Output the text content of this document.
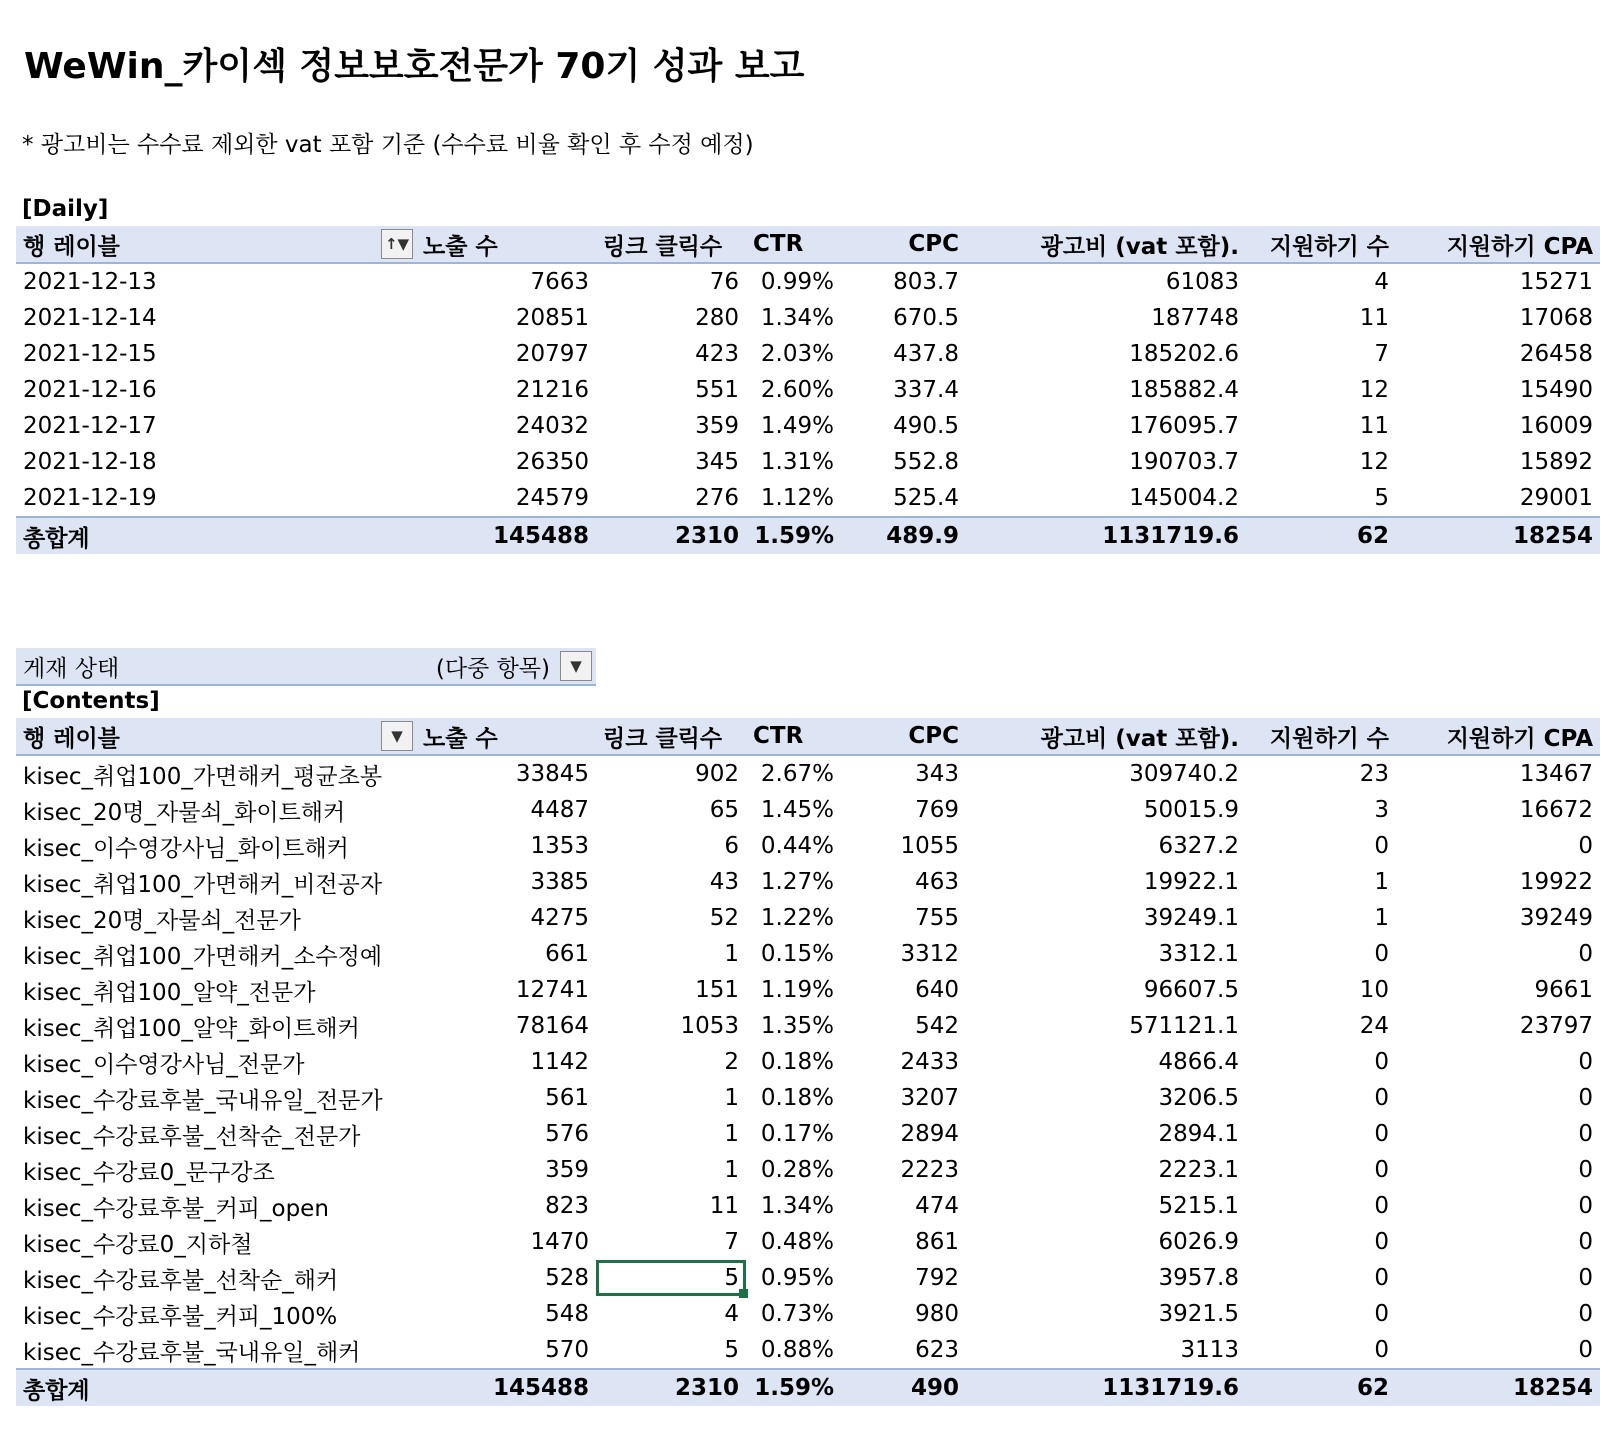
WeWin_카이섹 정보보호전문가 70기 성과 보고
* 광고비는 수수료 제외한 vat 포함 기준 (수수료 비율 확인 후 수정 예정)
[Daily]
행 레이블 ↑▼	노출 수	링크 클릭수	CTR	CPC	광고비 (vat 포함).	지원하기 수	지원하기 CPA
2021-12-13	7663	76	0.99%	803.7	61083	4	15271
2021-12-14	20851	280	1.34%	670.5	187748	11	17068
2021-12-15	20797	423	2.03%	437.8	185202.6	7	26458
2021-12-16	21216	551	2.60%	337.4	185882.4	12	15490
2021-12-17	24032	359	1.49%	490.5	176095.7	11	16009
2021-12-18	26350	345	1.31%	552.8	190703.7	12	15892
2021-12-19	24579	276	1.12%	525.4	145004.2	5	29001
총합계	145488	2310	1.59%	489.9	1131719.6	62	18254
게재 상태	(다중 항목)	▼
[Contents]
행 레이블 ▼	노출 수	링크 클릭수	CTR	CPC	광고비 (vat 포함).	지원하기 수	지원하기 CPA
kisec_취업100_가면해커_평균초봉	33845	902	2.67%	343	309740.2	23	13467
kisec_20명_자물쇠_화이트해커	4487	65	1.45%	769	50015.9	3	16672
kisec_이수영강사님_화이트해커	1353	6	0.44%	1055	6327.2	0	0
kisec_취업100_가면해커_비전공자	3385	43	1.27%	463	19922.1	1	19922
kisec_20명_자물쇠_전문가	4275	52	1.22%	755	39249.1	1	39249
kisec_취업100_가면해커_소수정예	661	1	0.15%	3312	3312.1	0	0
kisec_취업100_알약_전문가	12741	151	1.19%	640	96607.5	10	9661
kisec_취업100_알약_화이트해커	78164	1053	1.35%	542	571121.1	24	23797
kisec_이수영강사님_전문가	1142	2	0.18%	2433	4866.4	0	0
kisec_수강료후불_국내유일_전문가	561	1	0.18%	3207	3206.5	0	0
kisec_수강료후불_선착순_전문가	576	1	0.17%	2894	2894.1	0	0
kisec_수강료0_문구강조	359	1	0.28%	2223	2223.1	0	0
kisec_수강료후불_커피_open	823	11	1.34%	474	5215.1	0	0
kisec_수강료0_지하철	1470	7	0.48%	861	6026.9	0	0
kisec_수강료후불_선착순_해커	528	5	0.95%	792	3957.8	0	0
kisec_수강료후불_커피_100%	548	4	0.73%	980	3921.5	0	0
kisec_수강료후불_국내유일_해커	570	5	0.88%	623	3113	0	0
총합계	145488	2310	1.59%	490	1131719.6	62	18254
